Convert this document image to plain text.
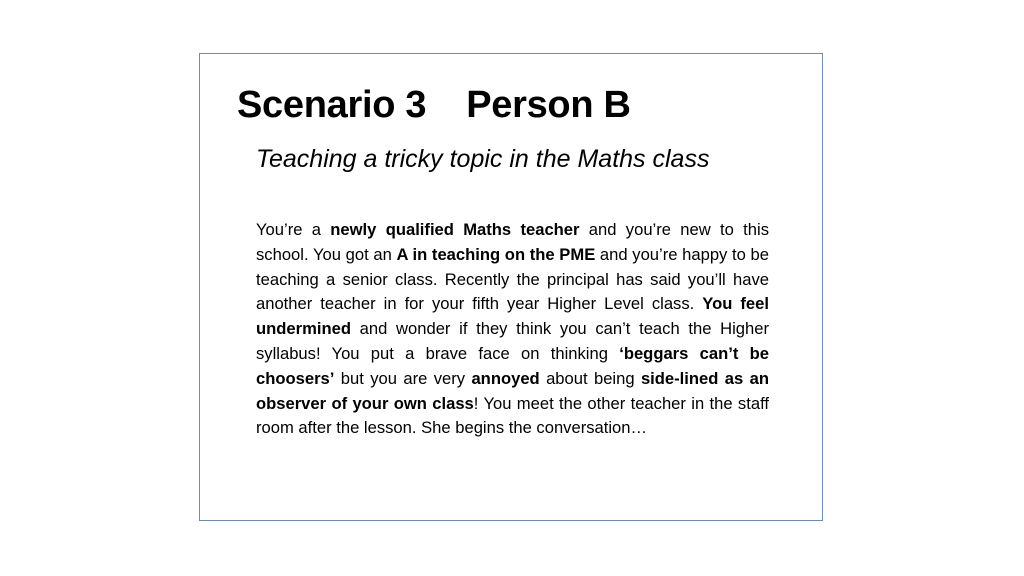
Scenario 3 Person B
Teaching a tricky topic in the Maths class

You’re a newly qualified Maths teacher and you’re new to this school. You got an A in teaching on the PME and you’re happy to be teaching a senior class. Recently the principal has said you’ll have another teacher in for your fifth year Higher Level class. You feel undermined and wonder if they think you can’t teach the Higher syllabus! You put a brave face on thinking ‘beggars can’t be choosers’ but you are very annoyed about being side-lined as an observer of your own class! You meet the other teacher in the staff room after the lesson. She begins the conversation…
